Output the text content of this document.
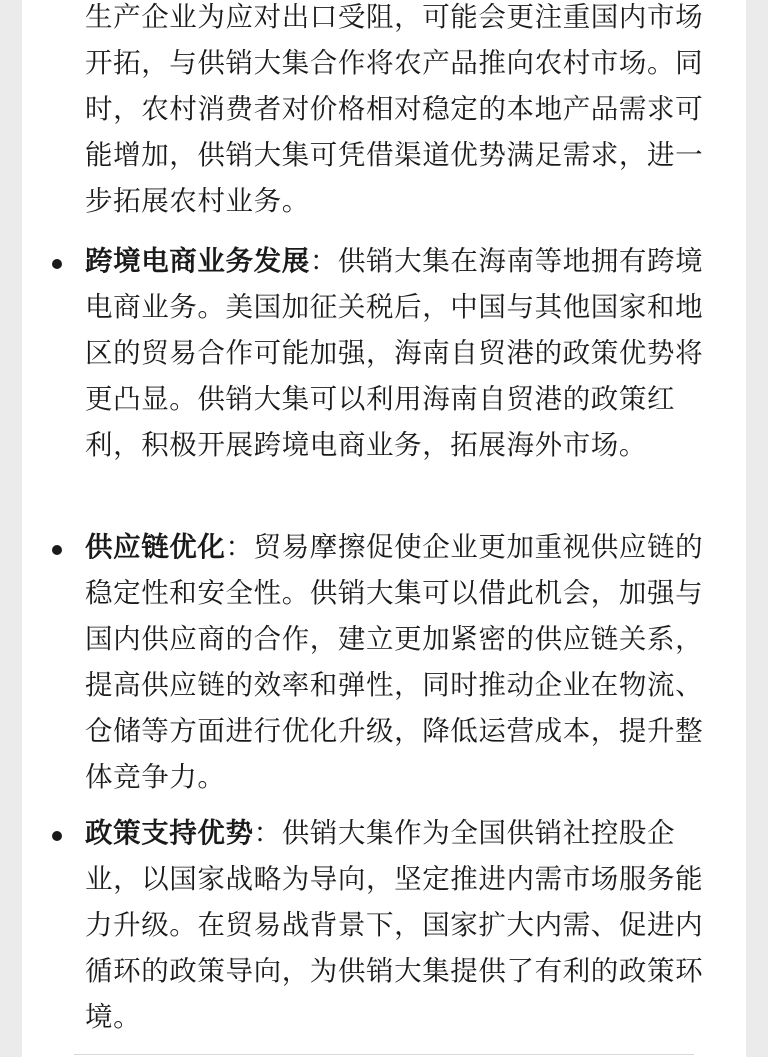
生产企业为应对出口受阻，可能会更注重国内市场开拓，与供销大集合作将农产品推向农村市场。同时，农村消费者对价格相对稳定的本地产品需求可能增加，供销大集可凭借渠道优势满足需求，进一步拓展农村业务。

跨境电商业务发展：供销大集在海南等地拥有跨境电商业务。美国加征关税后，中国与其他国家和地区的贸易合作可能加强，海南自贸港的政策优势将更凸显。供销大集可以利用海南自贸港的政策红利，积极开展跨境电商业务，拓展海外市场。

供应链优化：贸易摩擦促使企业更加重视供应链的稳定性和安全性。供销大集可以借此机会，加强与国内供应商的合作，建立更加紧密的供应链关系，提高供应链的效率和弹性，同时推动企业在物流、仓储等方面进行优化升级，降低运营成本，提升整体竞争力。

政策支持优势：供销大集作为全国供销社控股企业，以国家战略为导向，坚定推进内需市场服务能力升级。在贸易战背景下，国家扩大内需、促进内循环的政策导向，为供销大集提供了有利的政策环境。
